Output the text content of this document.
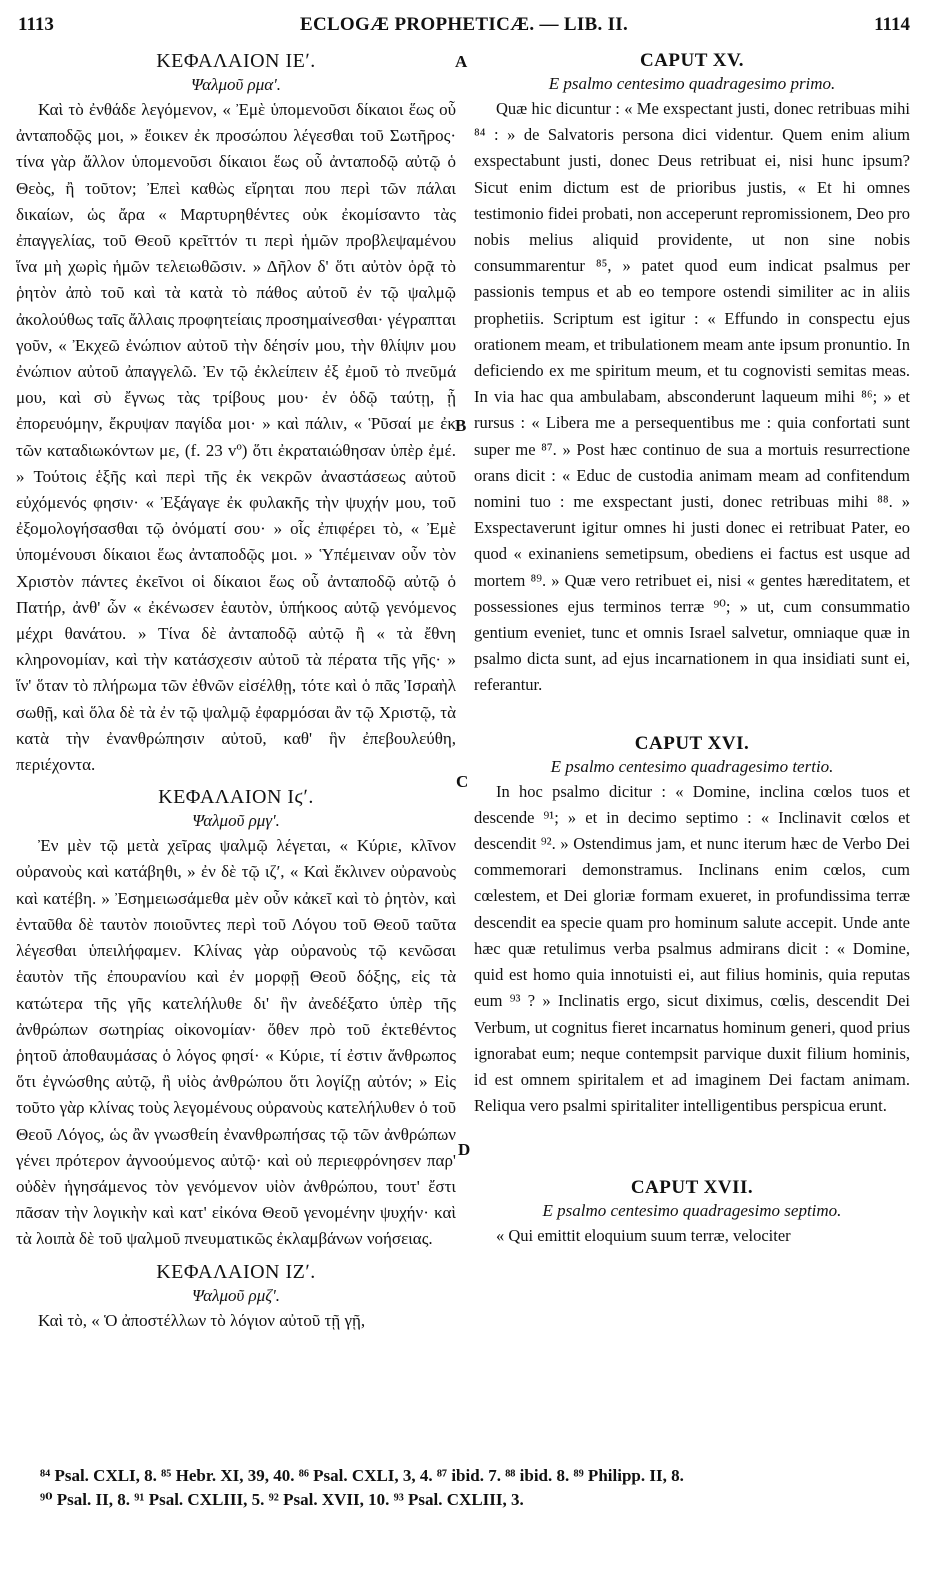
1113	ECLOGÆ PROPHETICÆ. — LIB. II.	1114
A
B
C
D

ΚΕΦΑΛΑΙΟΝ ΙΕʹ.

Ψαλμοῦ ρμαʹ.

Καὶ τὸ ἐνθάδε λεγόμενον, « Ἐμὲ ὑπομενοῦσι δίκαιοι ἕως οὗ ἀνταποδῷς μοι, » ἔοικεν ἐκ προσώπου λέγεσθαι τοῦ Σωτῆρος· τίνα γὰρ ἄλλον ὑπομενοῦσι δίκαιοι ἕως οὗ ἀνταποδῷ αὐτῷ ὁ Θεὸς, ἢ τοῦτον; Ἐπεὶ καθὼς εἴρηται που περὶ τῶν πάλαι δικαίων, ὡς ἄρα « Μαρτυρηθέντες οὐκ ἐκομίσαντο τὰς ἐπαγγελίας, τοῦ Θεοῦ κρεῖττόν τι περὶ ἡμῶν προβλεψαμένου ἵνα μὴ χωρὶς ἡμῶν τελειωθῶσιν. » Δῆλον δ' ὅτι αὐτὸν ὁρᾷ τὸ ῥητὸν ἀπὸ τοῦ καὶ τὰ κατὰ τὸ πάθος αὐτοῦ ἐν τῷ ψαλμῷ ἀκολούθως ταῖς ἄλλαις προφητείαις προσημαίνεσθαι· γέγραπται γοῦν, « Ἐκχεῶ ἐνώπιον αὐτοῦ τὴν δέησίν μου, τὴν θλίψιν μου ἐνώπιον αὐτοῦ ἀπαγγελῶ. Ἐν τῷ ἐκλείπειν ἐξ ἐμοῦ τὸ πνεῦμά μου, καὶ σὺ ἔγνως τὰς τρίβους μου· ἐν ὁδῷ ταύτῃ, ᾗ ἐπορευόμην, ἔκρυψαν παγίδα μοι· » καὶ πάλιν, « Ῥῦσαί με ἐκ τῶν καταδιωκόντων με, (f. 23 vº) ὅτι ἐκραταιώθησαν ὑπὲρ ἐμέ. » Τούτοις ἑξῆς καὶ περὶ τῆς ἐκ νεκρῶν ἀναστάσεως αὐτοῦ εὐχόμενός φησιν· « Ἐξάγαγε ἐκ φυλακῆς τὴν ψυχήν μου, τοῦ ἐξομολογήσασθαι τῷ ὀνόματί σου· » οἷς ἐπιφέρει τὸ, « Ἐμὲ ὑπομένουσι δίκαιοι ἕως ἀνταποδῷς μοι. » Ὑπέμειναν οὖν τὸν Χριστὸν πάντες ἐκεῖνοι οἱ δίκαιοι ἕως οὗ ἀνταποδῷ αὐτῷ ὁ Πατήρ, ἀνθ' ὧν « ἐκένωσεν ἑαυτὸν, ὑπήκοος αὐτῷ γενόμενος μέχρι θανάτου. » Τίνα δὲ ἀνταποδῷ αὐτῷ ἢ « τὰ ἔθνη κληρονομίαν, καὶ τὴν κατάσχεσιν αὐτοῦ τὰ πέρατα τῆς γῆς· » ἵν' ὅταν τὸ πλήρωμα τῶν ἐθνῶν εἰσέλθῃ, τότε καὶ ὁ πᾶς Ἰσραὴλ σωθῇ, καὶ ὅλα δὲ τὰ ἐν τῷ ψαλμῷ ἐφαρμόσαι ἂν τῷ Χριστῷ, τὰ κατὰ τὴν ἐνανθρώπησιν αὐτοῦ, καθ' ἣν ἐπεβουλεύθη, περιέχοντα.

ΚΕΦΑΛΑΙΟΝ Ιϛʹ.

Ψαλμοῦ ρμγʹ.

Ἐν μὲν τῷ μετὰ χεῖρας ψαλμῷ λέγεται, « Κύριε, κλῖνον οὐρανοὺς καὶ κατάβηθι, » ἐν δὲ τῷ ιζʹ, « Καὶ ἔκλινεν οὐρανοὺς καὶ κατέβη. » Ἐσημειωσάμεθα μὲν οὖν κἀκεῖ καὶ τὸ ῥητὸν, καὶ ἐνταῦθα δὲ ταυτὸν ποιοῦντες περὶ τοῦ Λόγου τοῦ Θεοῦ ταῦτα λέγεσθαι ὑπειλήφαμεν. Κλίνας γὰρ οὐρανοὺς τῷ κενῶσαι ἑαυτὸν τῆς ἐπουρανίου καὶ ἐν μορφῇ Θεοῦ δόξης, εἰς τὰ κατώτερα τῆς γῆς κατελήλυθε δι' ἣν ἀνεδέξατο ὑπὲρ τῆς ἀνθρώπων σωτηρίας οἰκονομίαν· ὅθεν πρὸ τοῦ ἐκτεθέντος ῥητοῦ ἀποθαυμάσας ὁ λόγος φησί· « Κύριε, τί ἐστιν ἄνθρωπος ὅτι ἐγνώσθης αὐτῷ, ἢ υἱὸς ἀνθρώπου ὅτι λογίζῃ αὐτόν; » Εἰς τοῦτο γὰρ κλίνας τοὺς λεγομένους οὐρανοὺς κατελήλυθεν ὁ τοῦ Θεοῦ Λόγος, ὡς ἂν γνωσθείη ἐνανθρωπήσας τῷ τῶν ἀνθρώπων γένει πρότερον ἀγνοούμενος αὐτῷ· καὶ οὐ περιεφρόνησεν παρ' οὐδὲν ἡγησάμενος τὸν γενόμενον υἱὸν ἀνθρώπου, τουτ' ἔστι πᾶσαν τὴν λογικὴν καὶ κατ' εἰκόνα Θεοῦ γενομένην ψυχήν· καὶ τὰ λοιπὰ δὲ τοῦ ψαλμοῦ πνευματικῶς ἐκλαμβάνων νοήσειας.

ΚΕΦΑΛΑΙΟΝ ΙΖʹ.

Ψαλμοῦ ρμζʹ.

Καὶ τὸ, « Ὁ ἀποστέλλων τὸ λόγιον αὐτοῦ τῇ γῇ,

CAPUT XV.

E psalmo centesimo quadragesimo primo.

Quæ hic dicuntur : « Me exspectant justi, donec retribuas mihi ⁸⁴ : » de Salvatoris persona dici videntur. Quem enim alium exspectabunt justi, donec Deus retribuat ei, nisi hunc ipsum? Sicut enim dictum est de prioribus justis, « Et hi omnes testimonio fidei probati, non acceperunt repromissionem, Deo pro nobis melius aliquid providente, ut non sine nobis consummarentur ⁸⁵, » patet quod eum indicat psalmus per passionis tempus et ab eo tempore ostendi similiter ac in aliis prophetiis. Scriptum est igitur : « Effundo in conspectu ejus orationem meam, et tribulationem meam ante ipsum pronuntio. In deficiendo ex me spiritum meum, et tu cognovisti semitas meas. In via hac qua ambulabam, absconderunt laqueum mihi ⁸⁶; » et rursus : « Libera me a persequentibus me : quia confortati sunt super me ⁸⁷. » Post hæc continuo de sua a mortuis resurrectione orans dicit : « Educ de custodia animam meam ad confitendum nomini tuo : me exspectant justi, donec retribuas mihi ⁸⁸. » Exspectaverunt igitur omnes hi justi donec ei retribuat Pater, eo quod « exinaniens semetipsum, obediens ei factus est usque ad mortem ⁸⁹. » Quæ vero retribuet ei, nisi « gentes hæreditatem, et possessiones ejus terminos terræ ⁹⁰; » ut, cum consummatio gentium eveniet, tunc et omnis Israel salvetur, omniaque quæ in psalmo dicta sunt, ad ejus incarnationem in qua insidiati sunt ei, referantur.

CAPUT XVI.

E psalmo centesimo quadragesimo tertio.

In hoc psalmo dicitur : « Domine, inclina cœlos tuos et descende ⁹¹; » et in decimo septimo : « Inclinavit cœlos et descendit ⁹². » Ostendimus jam, et nunc iterum hæc de Verbo Dei commemorari demonstramus. Inclinans enim cœlos, cum cœlestem, et Dei gloriæ formam exueret, in profundissima terræ descendit ea specie quam pro hominum salute accepit. Unde ante hæc quæ retulimus verba psalmus admirans dicit : « Domine, quid est homo quia innotuisti ei, aut filius hominis, quia reputas eum ⁹³ ? » Inclinatis ergo, sicut diximus, cœlis, descendit Dei Verbum, ut cognitus fieret incarnatus hominum generi, quod prius ignorabat eum; neque contempsit parvique duxit filium hominis, id est omnem spiritalem et ad imaginem Dei factam animam. Reliqua vero psalmi spiritaliter intelligentibus perspicua erunt.

CAPUT XVII.

E psalmo centesimo quadragesimo septimo.

« Qui emittit eloquium suum terræ, velociter

⁸⁴ Psal. CXLI, 8. ⁸⁵ Hebr. XI, 39, 40. ⁸⁶ Psal. CXLI, 3, 4. ⁸⁷ ibid. 7. ⁸⁸ ibid. 8. ⁸⁹ Philipp. II, 8.
⁹⁰ Psal. II, 8. ⁹¹ Psal. CXLIII, 5. ⁹² Psal. XVII, 10. ⁹³ Psal. CXLIII, 3.
